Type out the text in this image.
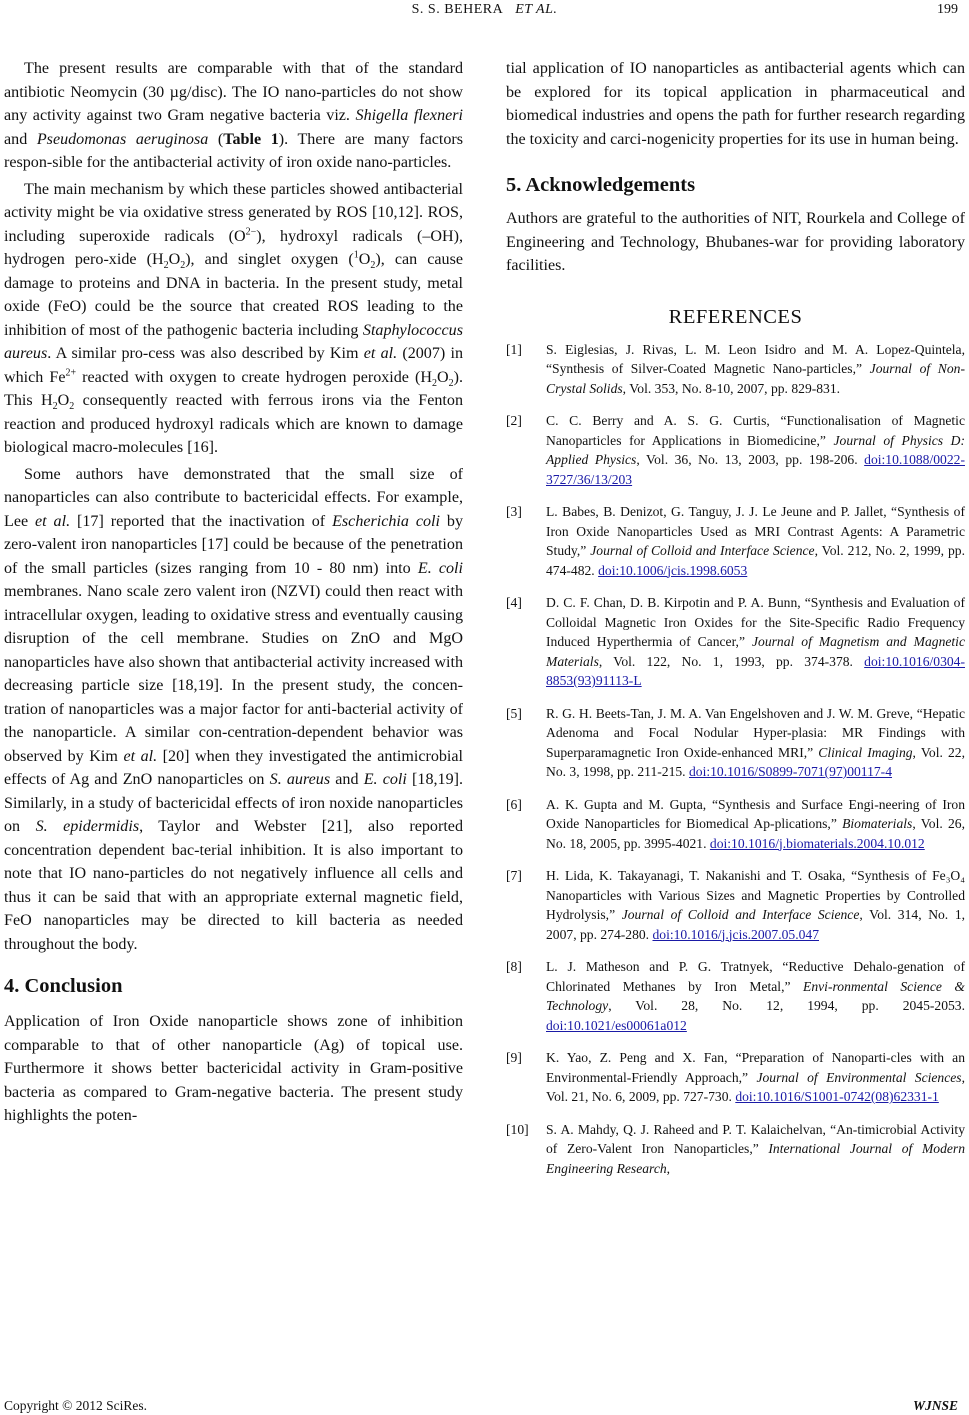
S. S. BEHERA ET AL.	199

The present results are comparable with that of the standard antibiotic Neomycin (30 µg/disc). The IO nano-particles do not show any activity against two Gram negative bacteria viz. Shigella flexneri and Pseudomonas aeruginosa (Table 1). There are many factors respon-sible for the antibacterial activity of iron oxide nano-particles.

The main mechanism by which these particles showed antibacterial activity might be via oxidative stress generated by ROS [10,12]. ROS, including superoxide radicals $(O^{2-})$, hydroxyl radicals (–OH), hydrogen pero-xide $(H_2O_2)$, and singlet oxygen $(^1O_2)$, can cause damage to proteins and DNA in bacteria. In the present study, metal oxide (FeO) could be the source that created ROS leading to the inhibition of most of the pathogenic bacteria including Staphylococcus aureus. A similar pro-cess was also described by Kim et al. (2007) in which $Fe^{2+}$ reacted with oxygen to create hydrogen peroxide $(H_2O_2)$. This $H_2O_2$ consequently reacted with ferrous irons via the Fenton reaction and produced hydroxyl radicals which are known to damage biological macro-molecules [16].

Some authors have demonstrated that the small size of nanoparticles can also contribute to bactericidal effects. For example, Lee et al. [17] reported that the inactivation of Escherichia coli by zero-valent iron nanoparticles [17] could be because of the penetration of the small particles (sizes ranging from 10 - 80 nm) into E. coli membranes. Nano scale zero valent iron (NZVI) could then react with intracellular oxygen, leading to oxidative stress and eventually causing disruption of the cell membrane. Studies on ZnO and MgO nanoparticles have also shown that antibacterial activity increased with decreasing particle size [18,19]. In the present study, the concen-tration of nanoparticles was a major factor for anti-bacterial activity of the nanoparticle. A similar con-centration-dependent behavior was observed by Kim et al. [20] when they investigated the antimicrobial effects of Ag and ZnO nanoparticles on S. aureus and E. coli [18,19]. Similarly, in a study of bactericidal effects of iron noxide nanoparticles on S. epidermidis, Taylor and Webster [21], also reported concentration dependent bac-terial inhibition. It is also important to note that IO nano-particles do not negatively influence all cells and thus it can be said that with an appropriate external magnetic field, FeO nanoparticles may be directed to kill bacteria as needed throughout the body.

4. Conclusion

Application of Iron Oxide nanoparticle shows zone of inhibition comparable to that of other nanoparticle (Ag) of topical use. Furthermore it shows better bactericidal activity in Gram-positive bacteria as compared to Gram-negative bacteria. The present study highlights the poten-

tial application of IO nanoparticles as antibacterial agents which can be explored for its topical application in pharmaceutical and biomedical industries and opens the path for further research regarding the toxicity and carci-nogenicity properties for its use in human being.

5. Acknowledgements

Authors are grateful to the authorities of NIT, Rourkela and College of Engineering and Technology, Bhubanes-war for providing laboratory facilities.

REFERENCES
[1]	S. Eiglesias, J. Rivas, L. M. Leon Isidro and M. A. Lopez-Quintela, “Synthesis of Silver-Coated Magnetic Nano-particles,” Journal of Non-Crystal Solids, Vol. 353, No. 8-10, 2007, pp. 829-831.
[2]	C. C. Berry and A. S. G. Curtis, “Functionalisation of Magnetic Nanoparticles for Applications in Biomedicine,” Journal of Physics D: Applied Physics, Vol. 36, No. 13, 2003, pp. 198-206. doi:10.1088/0022-3727/36/13/203
[3]	L. Babes, B. Denizot, G. Tanguy, J. J. Le Jeune and P. Jallet, “Synthesis of Iron Oxide Nanoparticles Used as MRI Contrast Agents: A Parametric Study,” Journal of Colloid and Interface Science, Vol. 212, No. 2, 1999, pp. 474-482. doi:10.1006/jcis.1998.6053
[4]	D. C. F. Chan, D. B. Kirpotin and P. A. Bunn, “Synthesis and Evaluation of Colloidal Magnetic Iron Oxides for the Site-Specific Radio Frequency Induced Hyperthermia of Cancer,” Journal of Magnetism and Magnetic Materials, Vol. 122, No. 1, 1993, pp. 374-378. doi:10.1016/0304-8853(93)91113-L
[5]	R. G. H. Beets-Tan, J. M. A. Van Engelshoven and J. W. M. Greve, “Hepatic Adenoma and Focal Nodular Hyper-plasia: MR Findings with Superparamagnetic Iron Oxide-enhanced MRI,” Clinical Imaging, Vol. 22, No. 3, 1998, pp. 211-215. doi:10.1016/S0899-7071(97)00117-4
[6]	A. K. Gupta and M. Gupta, “Synthesis and Surface Engi-neering of Iron Oxide Nanoparticles for Biomedical Ap-plications,” Biomaterials, Vol. 26, No. 18, 2005, pp. 3995-4021. doi:10.1016/j.biomaterials.2004.10.012
[7]	H. Lida, K. Takayanagi, T. Nakanishi and T. Osaka, “Synthesis of Fe₃O₄ Nanoparticles with Various Sizes and Magnetic Properties by Controlled Hydrolysis,” Journal of Colloid and Interface Science, Vol. 314, No. 1, 2007, pp. 274-280. doi:10.1016/j.jcis.2007.05.047
[8]	L. J. Matheson and P. G. Tratnyek, “Reductive Dehalo-genation of Chlorinated Methanes by Iron Metal,” Envi-ronmental Science & Technology, Vol. 28, No. 12, 1994, pp. 2045-2053. doi:10.1021/es00061a012
[9]	K. Yao, Z. Peng and X. Fan, “Preparation of Nanoparti-cles with an Environmental-Friendly Approach,” Journal of Environmental Sciences, Vol. 21, No. 6, 2009, pp. 727-730. doi:10.1016/S1001-0742(08)62331-1
[10]	S. A. Mahdy, Q. J. Raheed and P. T. Kalaichelvan, “An-timicrobial Activity of Zero-Valent Iron Nanoparticles,” International Journal of Modern Engineering Research,
Copyright © 2012 SciRes.	WJNSE
